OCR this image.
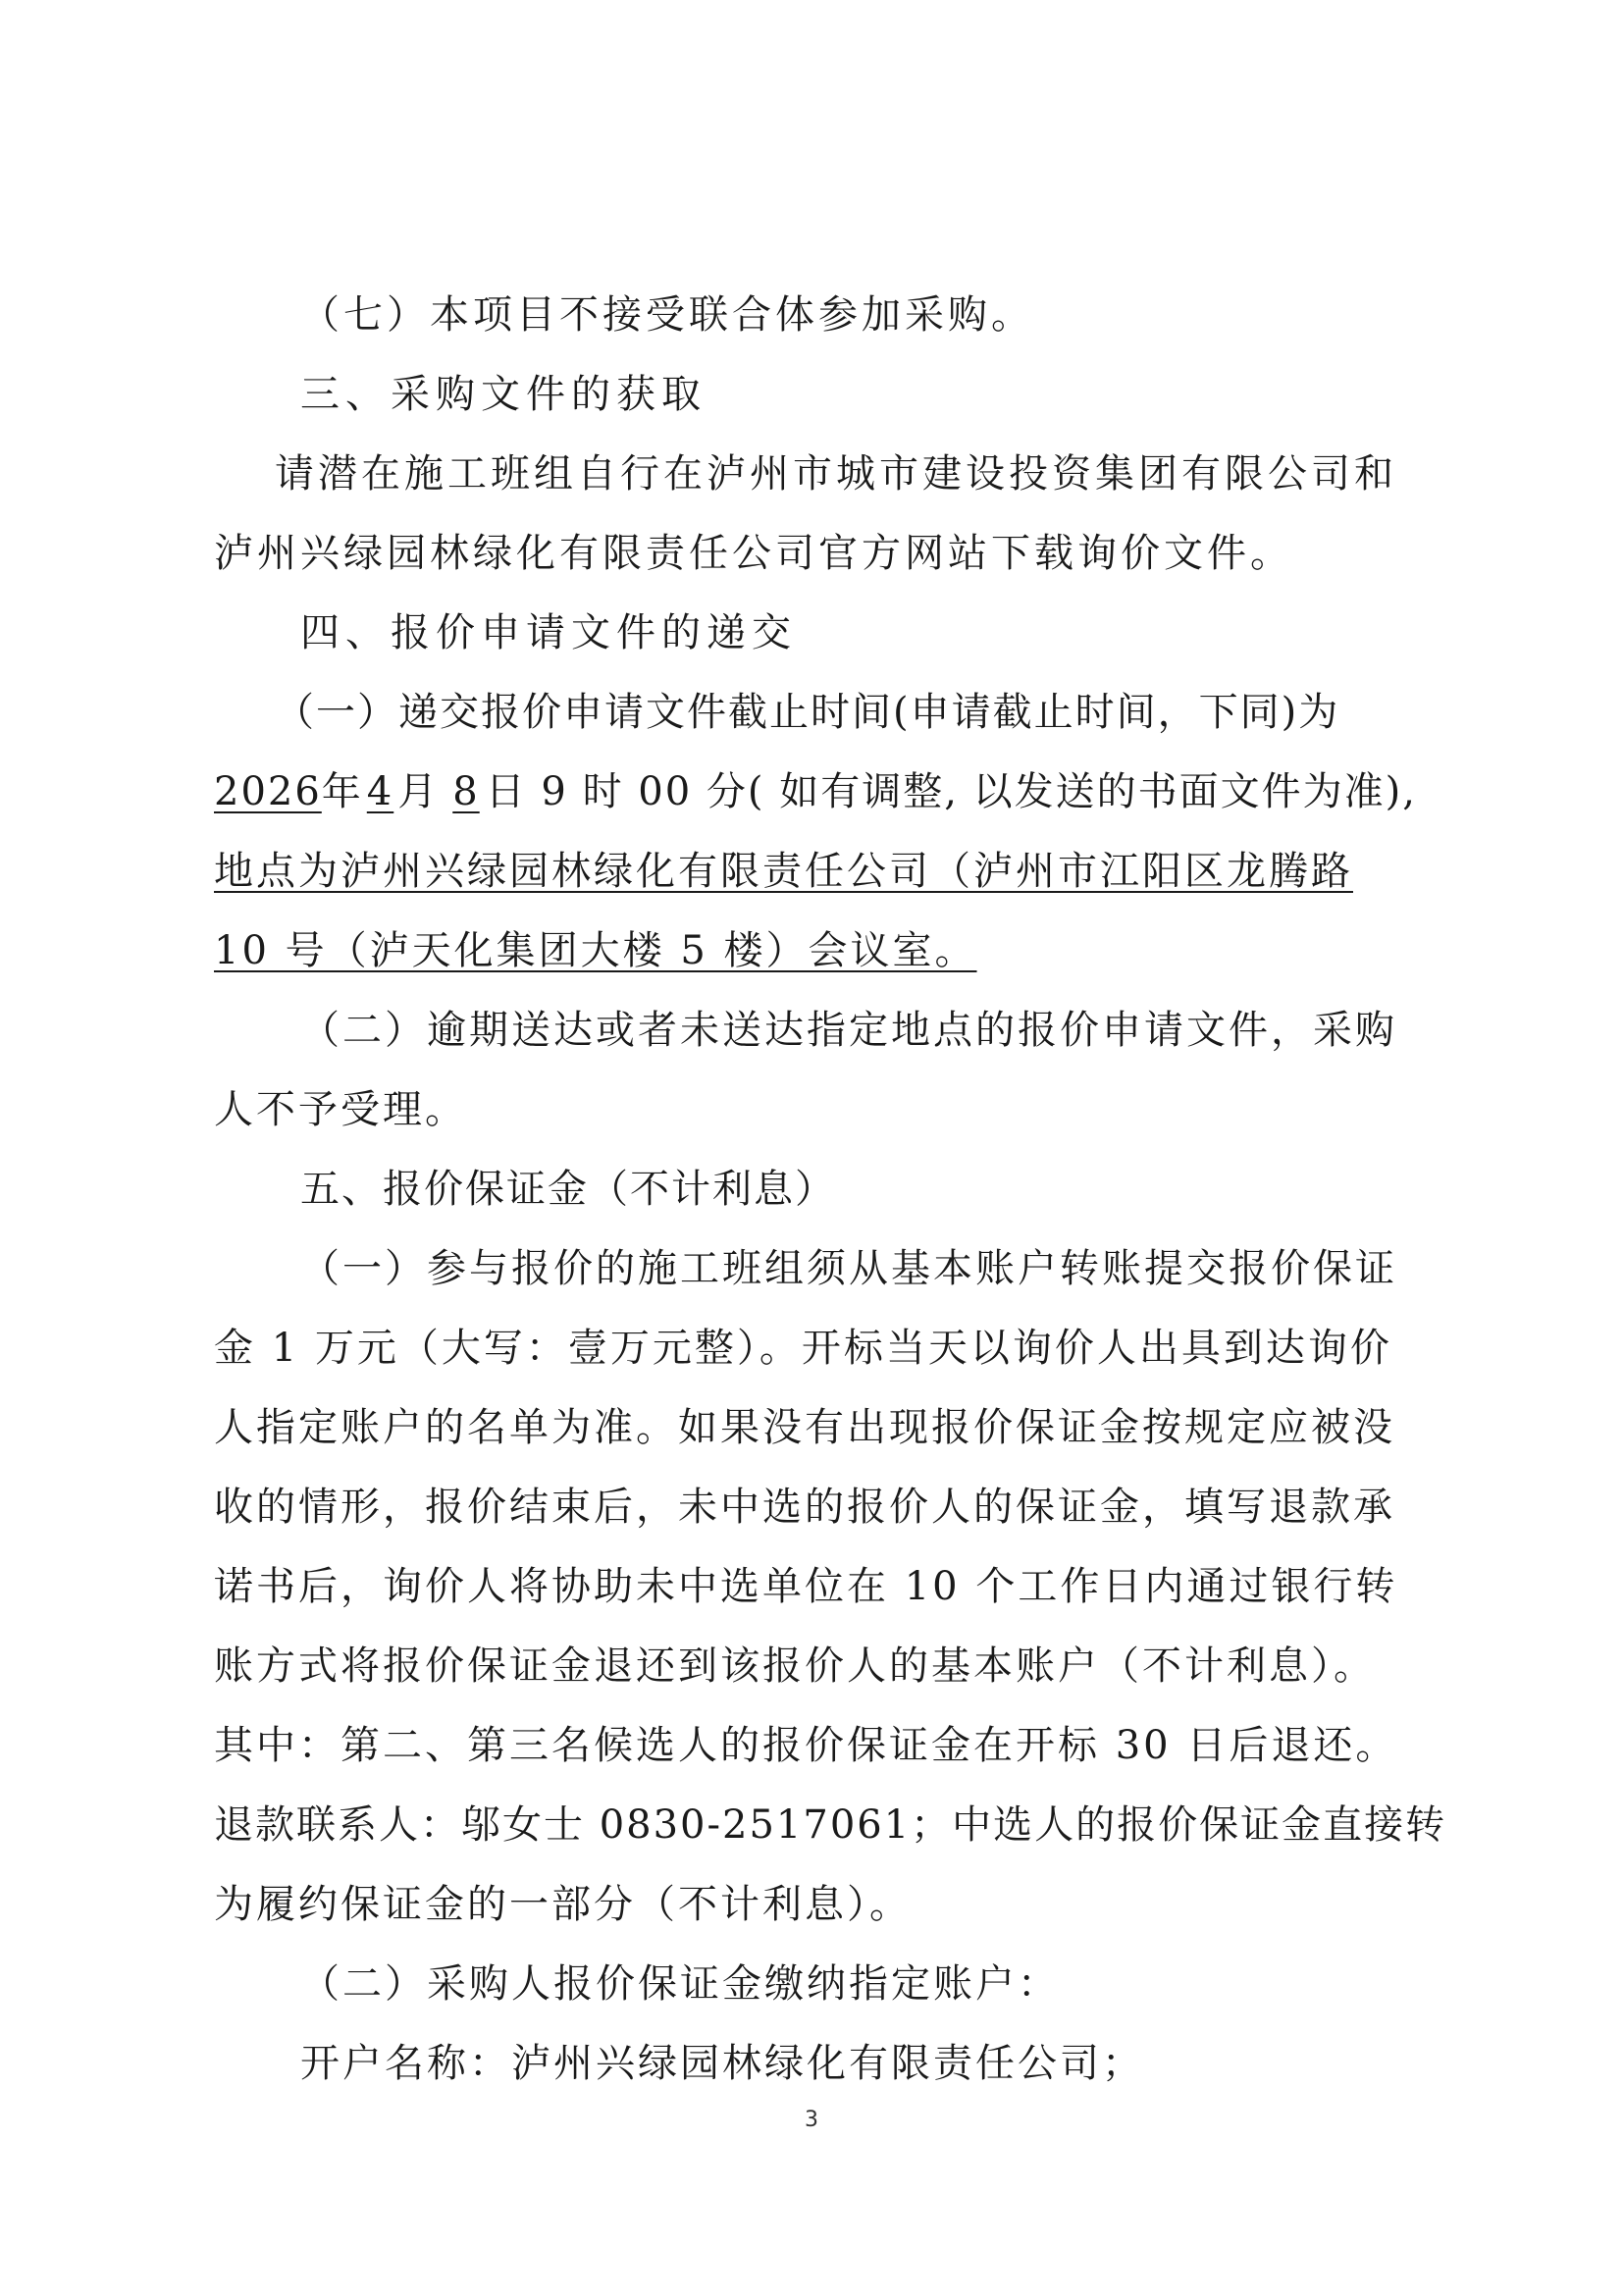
（七）本项目不接受联合体参加采购。
三、采购文件的获取
请潜在施工班组自行在泸州市城市建设投资集团有限公司和
泸州兴绿园林绿化有限责任公司官方网站下载询价文件。
四、报价申请文件的递交
（一）递交报价申请文件截止时间(申请截止时间，下同)为
2026年 4 月 8 日 9 时 00 分( 如有调整, 以发送的书面文件为准),
地点为泸州兴绿园林绿化有限责任公司（泸州市江阳区龙腾路
10 号（泸天化集团大楼 5 楼）会议室。
（二）逾期送达或者未送达指定地点的报价申请文件，采购
人不予受理。
五、报价保证金（不计利息）
（一）参与报价的施工班组须从基本账户转账提交报价保证
金 1 万元（大写：壹万元整）。开标当天以询价人出具到达询价
人指定账户的名单为准。如果没有出现报价保证金按规定应被没
收的情形，报价结束后，未中选的报价人的保证金，填写退款承
诺书后，询价人将协助未中选单位在 10 个工作日内通过银行转
账方式将报价保证金退还到该报价人的基本账户（不计利息）。
其中：第二、第三名候选人的报价保证金在开标 30 日后退还。
退款联系人：邬女士 0830-2517061；中选人的报价保证金直接转
为履约保证金的一部分（不计利息）。
（二）采购人报价保证金缴纳指定账户：
开户名称：泸州兴绿园林绿化有限责任公司；
3
